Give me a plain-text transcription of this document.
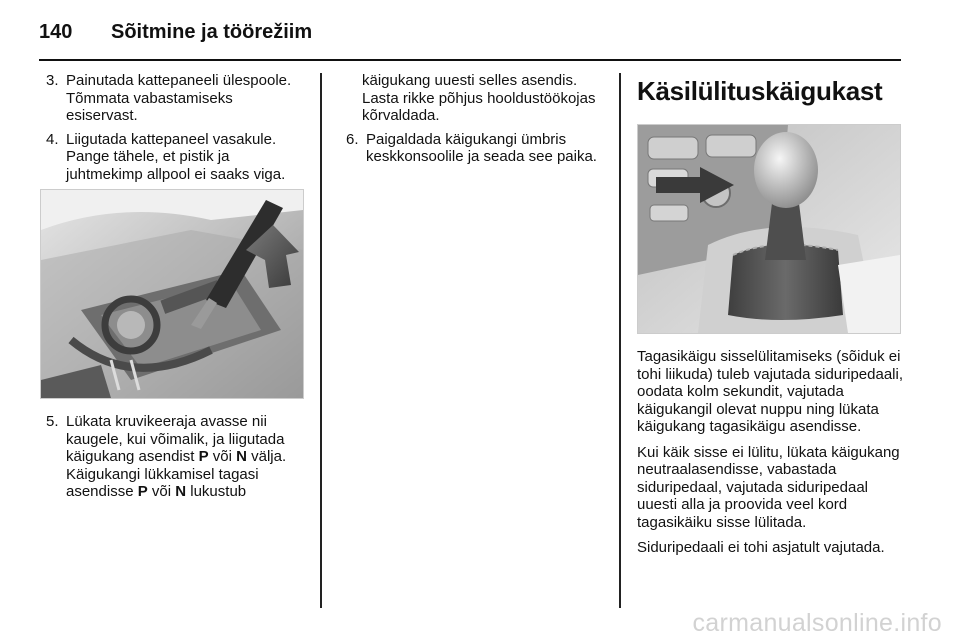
140	Sõitmine ja töörežiim
3. Painutada kattepaneeli ülespoole. Tõmmata vabastamiseks esiservast.
4. Liigutada kattepaneel vasakule. Pange tähele, et pistik ja juhtmekimp allpool ei saaks viga.
5. Lükata kruvikeeraja avasse nii kaugele, kui võimalik, ja liigutada käigukang asendist P või N välja. Käigukangi lükkamisel tagasi asendisse P või N lukustub
käigukang uuesti selles asendis. Lasta rikke põhjus hooldustöökojas kõrvaldada.
6. Paigaldada käigukangi ümbris keskkonsoolile ja seada see paika.
Käsilülituskäigukast

Tagasikäigu sisselülitamiseks (sõiduk ei tohi liikuda) tuleb vajutada siduripedaali, oodata kolm sekundit, vajutada käigukangil olevat nuppu ning lükata käigukang tagasikäigu asendisse.

Kui käik sisse ei lülitu, lükata käigukang neutraalasendisse, vabastada siduripedaal, vajutada siduripedaal uuesti alla ja proovida veel kord tagasikäiku sisse lülitada.

Siduripedaali ei tohi asjatult vajutada.

carmanualsonline.info
